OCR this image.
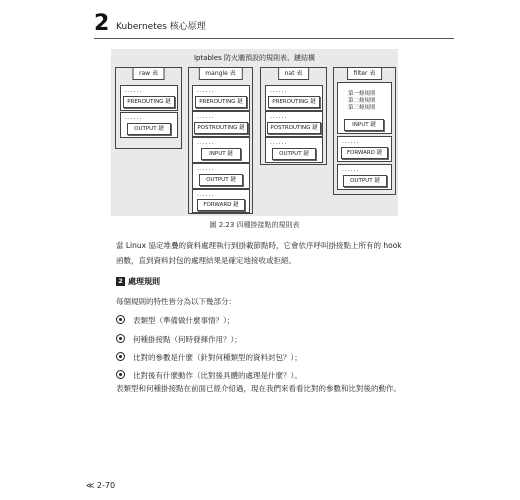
2 Kubernetes 核心原理
Iptables 防火牆預設的規則表、鏈結構
raw 表
......
PREROUTING 鏈
......
OUTPUT 鏈
mangle 表
......
PREROUTING 鏈
......
POSTROUTING 鏈
......
INPUT 鏈
......
OUTPUT 鏈
......
FORWARD 鏈
nat 表
......
PREROUTING 鏈
......
POSTROUTING 鏈
......
OUTPUT 鏈
filter 表
第一條規則
第二條規則
第三條規則
INPUT 鏈
......
FORWARD 鏈
......
OUTPUT 鏈
圖 2.23 四種掛接點的規則表

當 Linux 協定堆疊的資料處理執行到掛載節點時，它會依序呼叫掛接點上所有的 hook 函數，直到資料封包的處理結果是確定地接收或拒絕。

2 處理規則

每個規則的特性皆分為以下幾部分：

表類型（準備做什麼事情？）；
何種掛接點（何時發揮作用？）；
比對的參數是什麼（針對何種類型的資料封包？）；
比對後有什麼動作（比對後具體的處理是什麼？）。

表類型和何種掛接點在前面已經介紹過，現在我們來看看比對的參數和比對後的動作。

≪ 2-70
